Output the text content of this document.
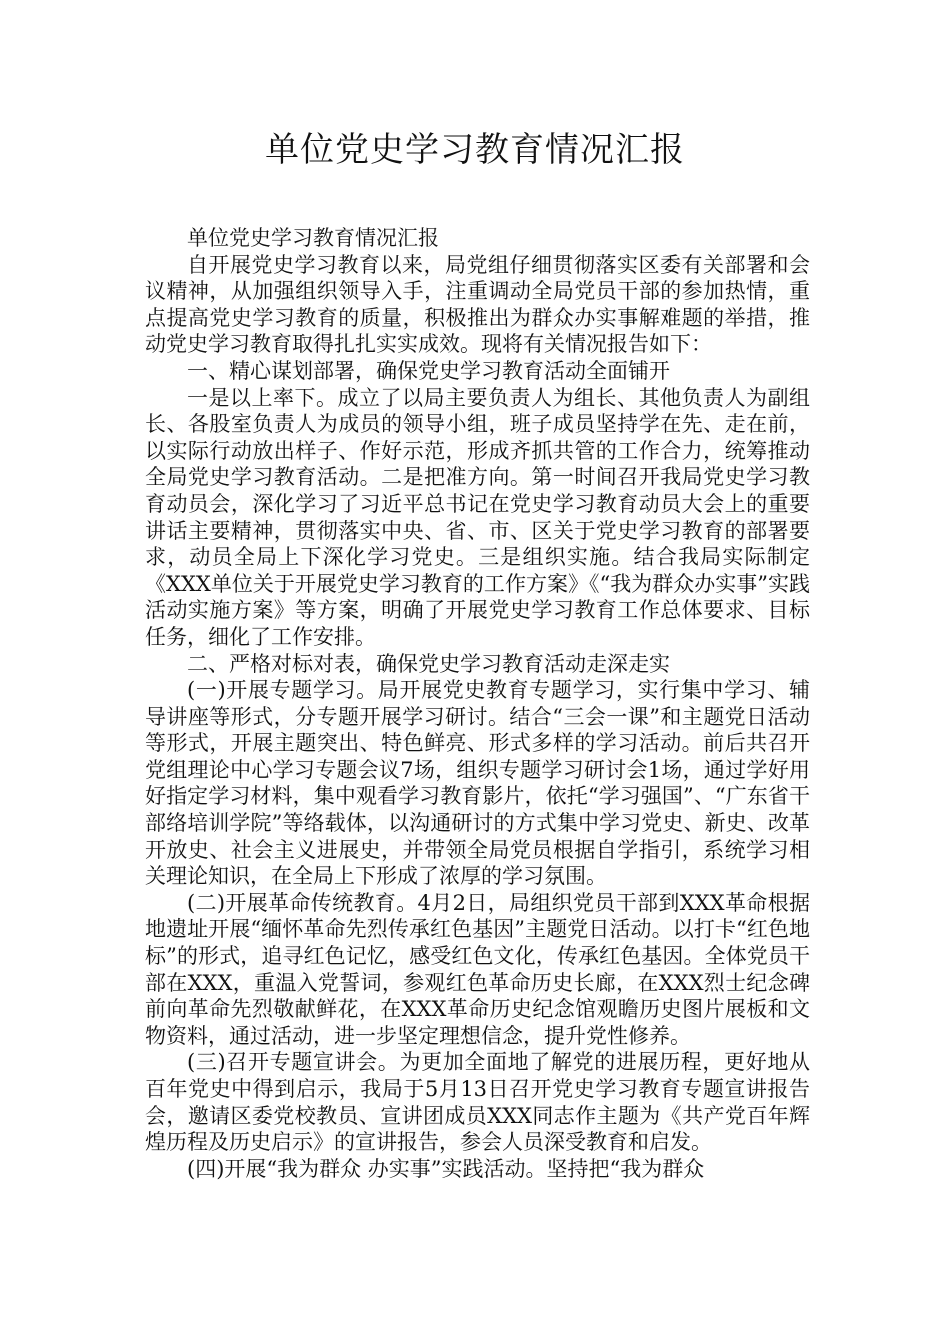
单位党史学习教育情况汇报

单位党史学习教育情况汇报

自开展党史学习教育以来，局党组仔细贯彻落实区委有关部署和会议精神，从加强组织领导入手，注重调动全局党员干部的参加热情，重点提高党史学习教育的质量，积极推出为群众办实事解难题的举措，推动党史学习教育取得扎扎实实成效。现将有关情况报告如下：

一、精心谋划部署，确保党史学习教育活动全面铺开

一是以上率下。成立了以局主要负责人为组长、其他负责人为副组长、各股室负责人为成员的领导小组，班子成员坚持学在先、走在前，以实际行动放出样子、作好示范，形成齐抓共管的工作合力，统筹推动全局党史学习教育活动。二是把准方向。第一时间召开我局党史学习教育动员会，深化学习了习近平总书记在党史学习教育动员大会上的重要讲话主要精神，贯彻落实中央、省、市、区关于党史学习教育的部署要求，动员全局上下深化学习党史。三是组织实施。结合我局实际制定《XXX单位关于开展党史学习教育的工作方案》《“我为群众办实事”实践活动实施方案》等方案，明确了开展党史学习教育工作总体要求、目标任务，细化了工作安排。

二、严格对标对表，确保党史学习教育活动走深走实

(一)开展专题学习。局开展党史教育专题学习，实行集中学习、辅导讲座等形式，分专题开展学习研讨。结合“三会一课”和主题党日活动等形式，开展主题突出、特色鲜亮、形式多样的学习活动。前后共召开党组理论中心学习专题会议7场，组织专题学习研讨会1场，通过学好用好指定学习材料，集中观看学习教育影片，依托“学习强国”、“广东省干部络培训学院”等络载体，以沟通研讨的方式集中学习党史、新史、改革开放史、社会主义进展史，并带领全局党员根据自学指引，系统学习相关理论知识，在全局上下形成了浓厚的学习氛围。

(二)开展革命传统教育。4月2日，局组织党员干部到XXX革命根据地遗址开展“缅怀革命先烈传承红色基因”主题党日活动。以打卡“红色地标”的形式，追寻红色记忆，感受红色文化，传承红色基因。全体党员干部在XXX，重温入党誓词，参观红色革命历史长廊，在XXX烈士纪念碑前向革命先烈敬献鲜花，在XXX革命历史纪念馆观瞻历史图片展板和文物资料，通过活动，进一步坚定理想信念，提升党性修养。

(三)召开专题宣讲会。为更加全面地了解党的进展历程，更好地从百年党史中得到启示，我局于5月13日召开党史学习教育专题宣讲报告会，邀请区委党校教员、宣讲团成员XXX同志作主题为《共产党百年辉煌历程及历史启示》的宣讲报告，参会人员深受教育和启发。

(四)开展“我为群众 办实事”实践活动。坚持把“我为群众
